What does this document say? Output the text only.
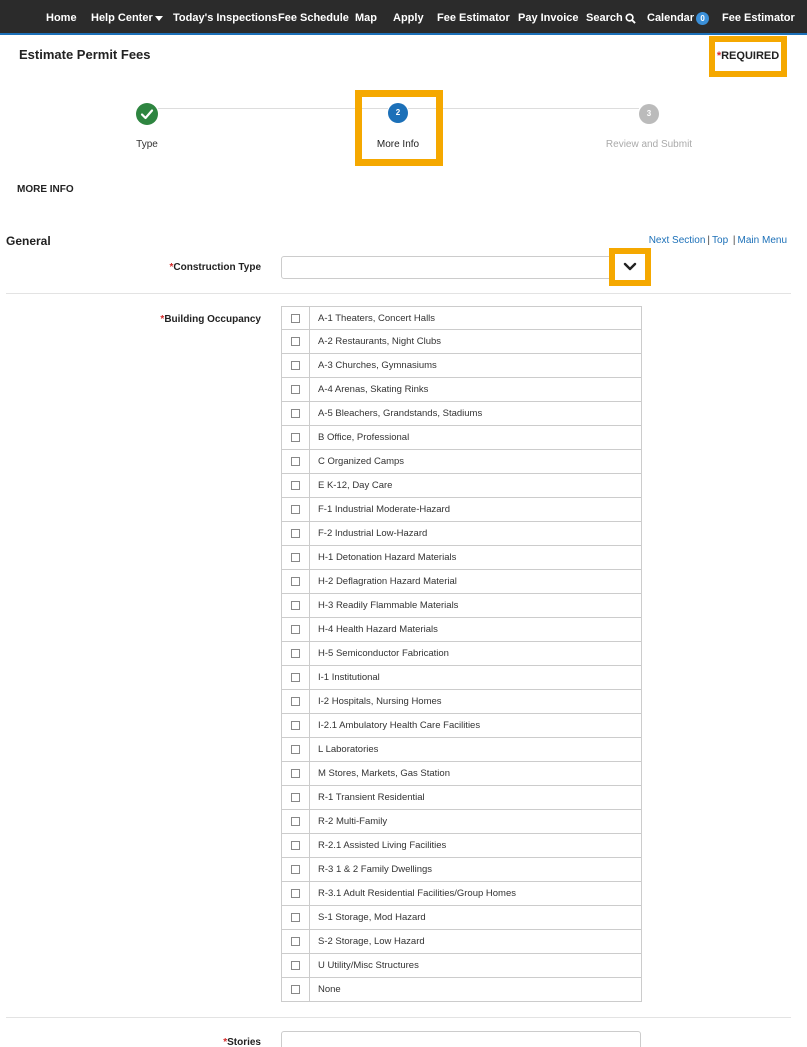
Home Help Center	Today's Inspections Fee Schedule Map Apply Fee Estimator Pay Invoice Search	Calendar 0	Fee Estimator
Estimate Permit Fees	*REQUIRED
Type
2
More Info
3
Review and Submit
MORE INFO
General	Next Section | Top | Main Menu
*Construction Type
*Building Occupancy	A-1 Theaters, Concert Halls
A-2 Restaurants, Night Clubs
A-3 Churches, Gymnasiums
A-4 Arenas, Skating Rinks
A-5 Bleachers, Grandstands, Stadiums
B Office, Professional
C Organized Camps
E K-12, Day Care
F-1 Industrial Moderate-Hazard
F-2 Industrial Low-Hazard
H-1 Detonation Hazard Materials
H-2 Deflagration Hazard Material
H-3 Readily Flammable Materials
H-4 Health Hazard Materials
H-5 Semiconductor Fabrication
I-1 Institutional
I-2 Hospitals, Nursing Homes
I-2.1 Ambulatory Health Care Facilities
L Laboratories
M Stores, Markets, Gas Station
R-1 Transient Residential
R-2 Multi-Family
R-2.1 Assisted Living Facilities
R-3 1 & 2 Family Dwellings
R-3.1 Adult Residential Facilities/Group Homes
S-1 Storage, Mod Hazard
S-2 Storage, Low Hazard
U Utility/Misc Structures
None
*Stories
